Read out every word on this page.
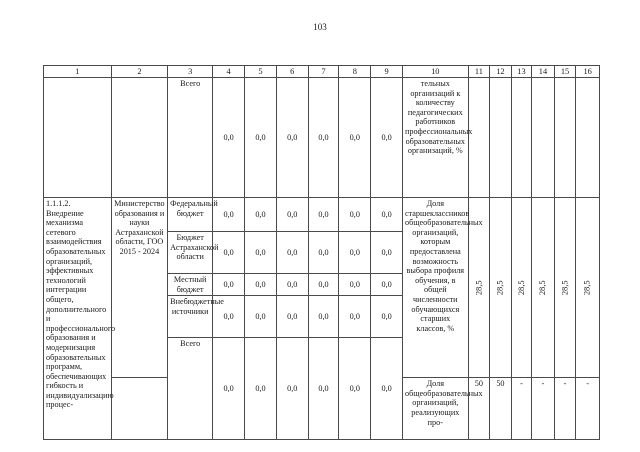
103
1	2	3	4	5	6	7	8	9	10	11	12	13	14	15	16
		Всего	0,0	0,0	0,0	0,0	0,0	0,0	тельных организаций к количеству педагогических работников профессиональных образовательных организаций, %						
1.1.1.2. Внедрение механизма сетевого взаимодействия образовательных организаций, эффективных технологий интеграции общего, дополнительного и профессионального образования и модернизация образовательных программ, обеспечивающих гибкость и индивидуализацию процес-	Министерство образования и науки Астраханской области, ГОО 2015 - 2024	Федеральный бюджет	0,0	0,0	0,0	0,0	0,0	0,0	Доля старшеклассников общеобразовательных организаций, которым предоставлена возможность выбора профиля обучения, в общей численности обучающихся старших классов, %	28,5	28,5	28,5	28,5	28,5	28,5

		Бюджет Астраханской области	0,0	0,0	0,0	0,0	0,0	0,0							
		Местный бюджет	0,0	0,0	0,0	0,0	0,0	0,0							
		Внебюджетные источники	0,0	0,0	0,0	0,0	0,0	0,0							
		Всего	0,0	0,0	0,0	0,0	0,0	0,0							
									Доля общеобразовательных организаций, реализующих про-	50	50	-	-	-	-
